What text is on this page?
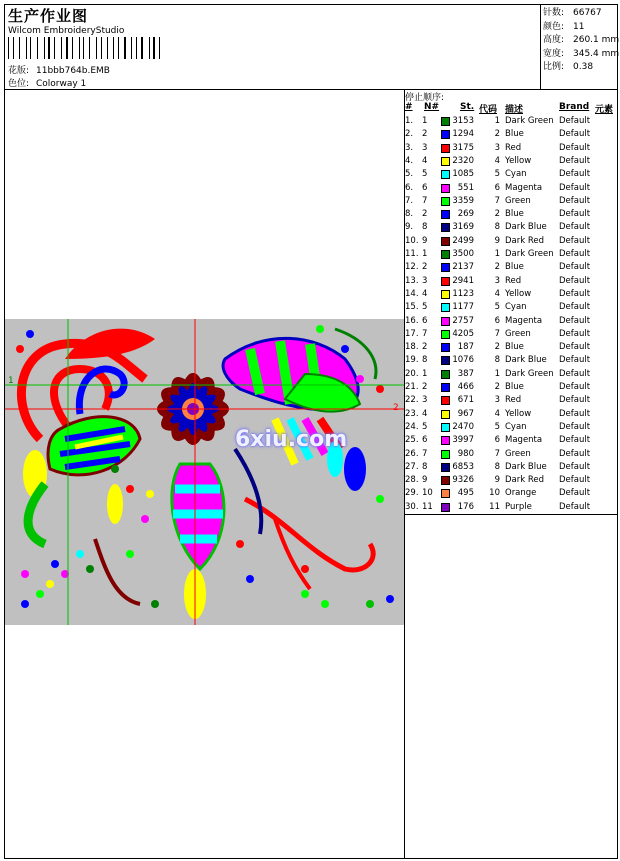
生产作业图
Wilcom EmbroideryStudio
花版: 11bbb764b.EMB
色位: Colorway 1
针数: 66767
颜色: 11
高度: 260.1 mm
宽度: 345.4 mm
比例: 0.38
1
2
6xiu.com
停止顺序:
# N# St. 代码 描述	Brand 元素
1. 1	3153 1 Dark Green Default
2. 2	1294 2 Blue	Default
3. 3	3175 3 Red	Default
4. 4	2320 4 Yellow	Default
5. 5	1085 5 Cyan	Default
6. 6	551 6 Magenta Default
7. 7	3359 7 Green	Default
8. 2	269 2 Blue	Default
9. 8	3169 8 Dark Blue Default
10. 9	2499 9 Dark Red Default
11. 1	3500 1 Dark Green Default
12. 2	2137 2 Blue	Default
13. 3	2941 3 Red	Default
14. 4	1123 4 Yellow	Default
15. 5	1177 5 Cyan	Default
16. 6	2757 6 Magenta Default
17. 7	4205 7 Green	Default
18. 2	187 2 Blue	Default
19. 8	1076 8 Dark Blue Default
20. 1	387 1 Dark Green Default
21. 2	466 2 Blue	Default
22. 3	671 3 Red	Default
23. 4	967 4 Yellow	Default
24. 5	2470 5 Cyan	Default
25. 6	3997 6 Magenta Default
26. 7	980 7 Green	Default
27. 8	6853 8 Dark Blue Default
28. 9	9326 9 Dark Red Default
29. 10	495 10 Orange	Default
30. 11	176 11 Purple	Default
